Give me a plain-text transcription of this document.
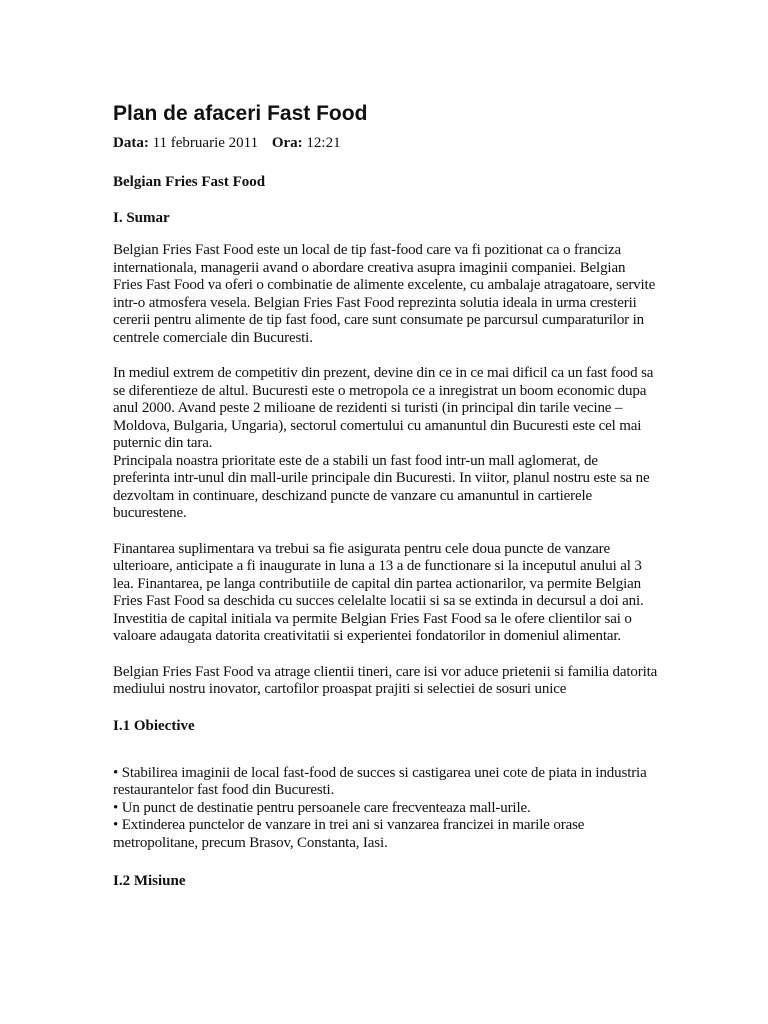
Plan de afaceri Fast Food
Data: 11 februarie 2011 Ora: 12:21

Belgian Fries Fast Food

I. Sumar

Belgian Fries Fast Food este un local de tip fast-food care va fi pozitionat ca o franciza internationala, managerii avand o abordare creativa asupra imaginii companiei. Belgian Fries Fast Food va oferi o combinatie de alimente excelente, cu ambalaje atragatoare, servite intr-o atmosfera vesela. Belgian Fries Fast Food reprezinta solutia ideala in urma cresterii cererii pentru alimente de tip fast food, care sunt consumate pe parcursul cumparaturilor in centrele comerciale din Bucuresti.

In mediul extrem de competitiv din prezent, devine din ce in ce mai dificil ca un fast food sa se diferentieze de altul. Bucuresti este o metropola ce a inregistrat un boom economic dupa anul 2000. Avand peste 2 milioane de rezidenti si turisti (in principal din tarile vecine – Moldova, Bulgaria, Ungaria), sectorul comertului cu amanuntul din Bucuresti este cel mai puternic din tara.

Principala noastra prioritate este de a stabili un fast food intr-un mall aglomerat, de preferinta intr-unul din mall-urile principale din Bucuresti. In viitor, planul nostru este sa ne dezvoltam in continuare, deschizand puncte de vanzare cu amanuntul in cartierele bucurestene.

Finantarea suplimentara va trebui sa fie asigurata pentru cele doua puncte de vanzare ulterioare, anticipate a fi inaugurate in luna a 13 a de functionare si la inceputul anului al 3 lea. Finantarea, pe langa contributiile de capital din partea actionarilor, va permite Belgian Fries Fast Food sa deschida cu succes celelalte locatii si sa se extinda in decursul a doi ani. Investitia de capital initiala va permite Belgian Fries Fast Food sa le ofere clientilor sai o valoare adaugata datorita creativitatii si experientei fondatorilor in domeniul alimentar.

Belgian Fries Fast Food va atrage clientii tineri, care isi vor aduce prietenii si familia datorita mediului nostru inovator, cartofilor proaspat prajiti si selectiei de sosuri unice

I.1 Obiective

• Stabilirea imaginii de local fast-food de succes si castigarea unei cote de piata in industria restaurantelor fast food din Bucuresti.
• Un punct de destinatie pentru persoanele care frecventeaza mall-urile.
• Extinderea punctelor de vanzare in trei ani si vanzarea francizei in marile orase metropolitane, precum Brasov, Constanta, Iasi.

I.2 Misiune
